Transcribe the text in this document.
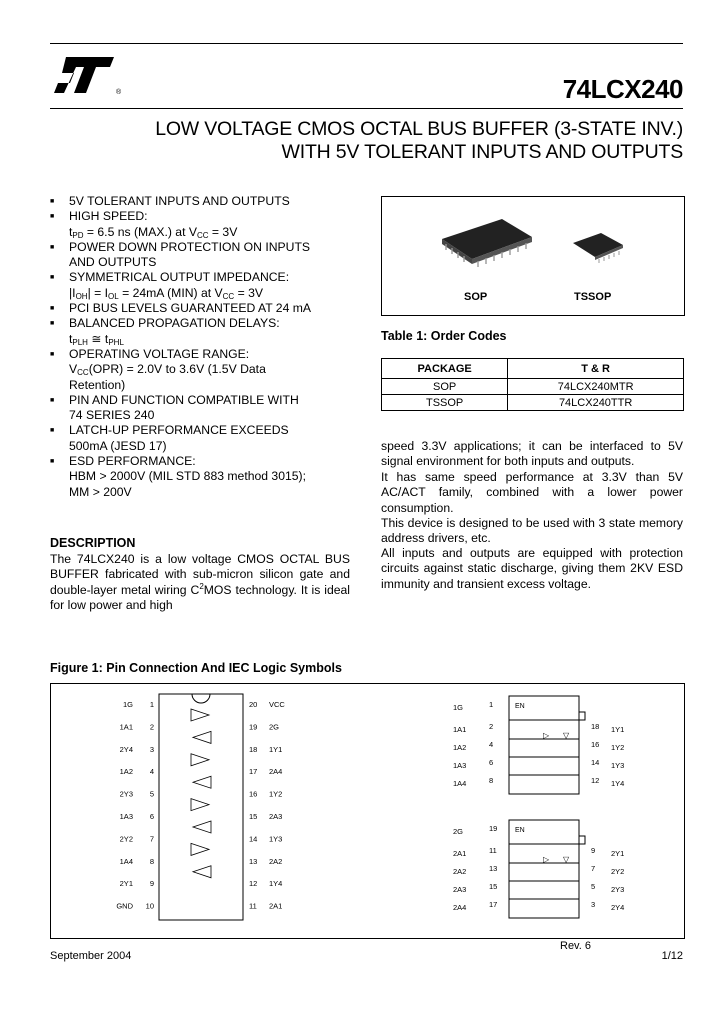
®	74LCX240
LOW VOLTAGE CMOS OCTAL BUS BUFFER (3-STATE INV.)
WITH 5V TOLERANT INPUTS AND OUTPUTS
■ 5V TOLERANT INPUTS AND OUTPUTS
■ HIGH SPEED:
$t_{PD} = 6.5$ ns (MAX.) at $V_{CC} = 3V$
■ POWER DOWN PROTECTION ON INPUTS
AND OUTPUTS
■ SYMMETRICAL OUTPUT IMPEDANCE:
$|I_{OH}| = I_{OL} = 24mA$ (MIN) at $V_{CC} = 3V$
■ PCI BUS LEVELS GUARANTEED AT 24 mA
■ BALANCED PROPAGATION DELAYS:
$t_{PLH}$ ≅ $t_{PHL}$
■ OPERATING VOLTAGE RANGE:
$V_{CC}(OPR) = 2.0V$ to 3.6V (1.5V Data
Retention)
■ PIN AND FUNCTION COMPATIBLE WITH
74 SERIES 240
■ LATCH-UP PERFORMANCE EXCEEDS
500mA (JESD 17)
■ ESD PERFORMANCE:
HBM > 2000V (MIL STD 883 method 3015);
MM > 200V
SOP	TSSOP
Table 1: Order Codes
PACKAGE	T & R
SOP	74LCX240MTR
TSSOP	74LCX240TTR
DESCRIPTION
The 74LCX240 is a low voltage CMOS OCTAL BUS BUFFER fabricated with sub-micron silicon gate and double-layer metal wiring $C^2MOS$ technology. It is ideal for low power and high
speed 3.3V applications; it can be interfaced to 5V signal environment for both inputs and outputs.
It has same speed performance at 3.3V than 5V AC/ACT family, combined with a lower power consumption.
This device is designed to be used with 3 state memory address drivers, etc.
All inputs and outputs are equipped with protection circuits against static discharge, giving them 2KV ESD immunity and transient excess voltage.
Figure 1: Pin Connection And IEC Logic Symbols
1G 1
1A1 2
2Y4 3
1A2 4
2Y3 5
1A3 6
2Y2 7
1A4 8
2Y1 9
GND 10
20 VCC
19 2G
18 1Y1
17 2A4
16 1Y2
15 2A3
14 1Y3
13 2A2
12 1Y4
11 2A1
EN
▷ ▽
EN
▷ ▽
1G	1
1A1	2
1A2	4
1A3	6
1A4	8
1Y1
18
1Y2
16
1Y3
14
1Y4
12
2G	19
2A1	11
2A2	13
2A3	15
2A4	17
2Y1
9
2Y2
7
2Y3
5
2Y4
3
Rev. 6
September 2004	1/12
